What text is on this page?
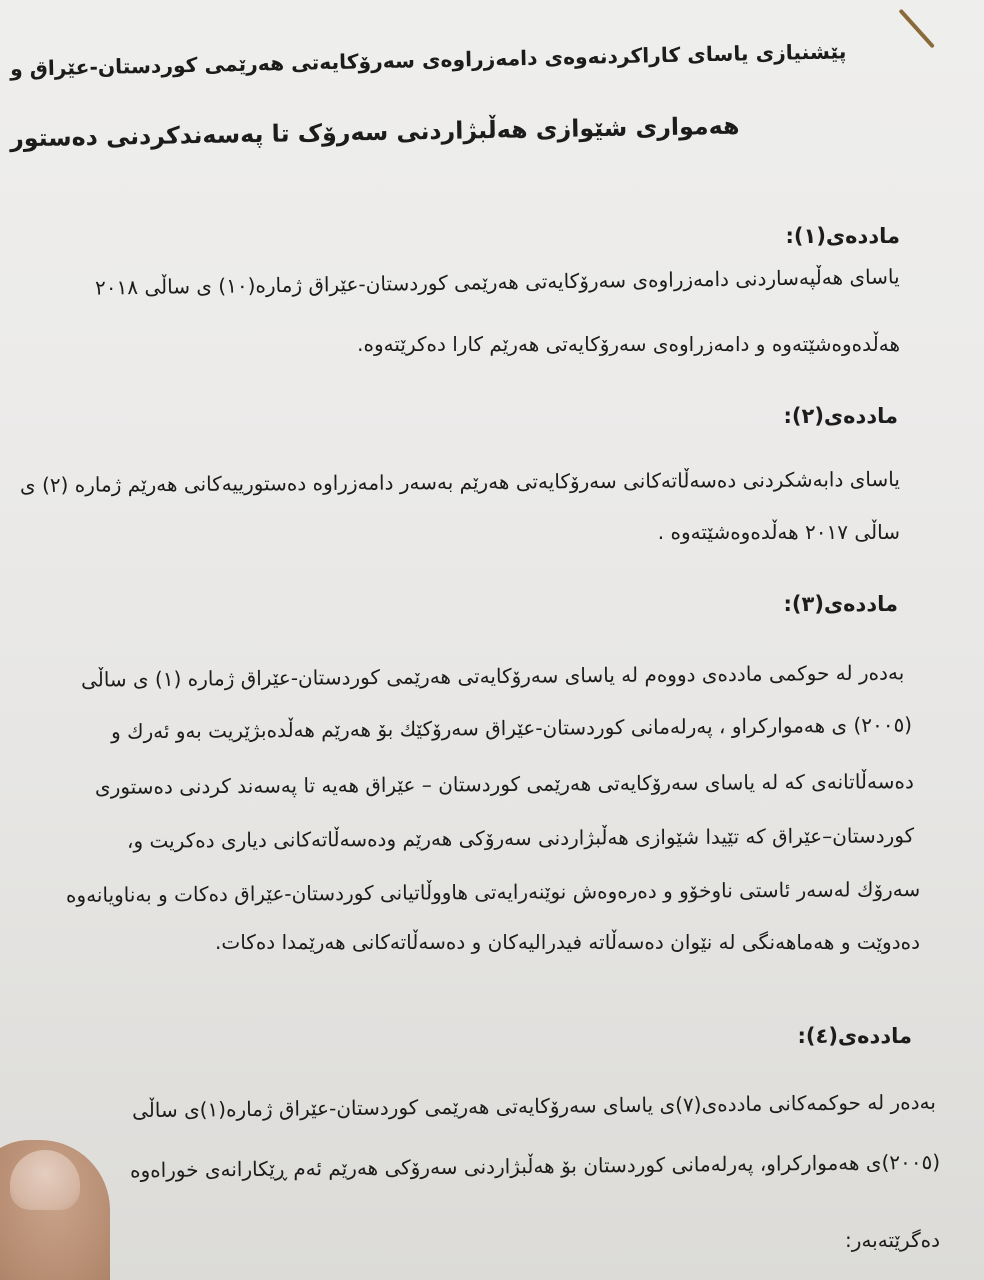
پێشنیازی یاسای کاراکردنەوەی دامەزراوەی سەرۆکایەتی هەرێمی کوردستان-عێراق و
هەمواری شێوازی هەڵبژاردنی سەرۆک تا پەسەندکردنی دەستور
ماددەی(١):
یاسای هەڵپەساردنی دامەزراوەی سەرۆکایەتی هەرێمی کوردستان-عێراق ژمارە(١٠) ی ساڵی ٢٠١٨
هەڵدەوەشێتەوە و دامەزراوەی سەرۆکایەتی هەرێم کارا دەکرێتەوە.
ماددەی(٢):
یاسای دابەشکردنی دەسەڵاتەکانی سەرۆکایەتی هەرێم بەسەر دامەزراوە دەستورییەکانی هەرێم ژمارە (٢) ی
ساڵی ٢٠١٧ هەڵدەوەشێتەوە .
ماددەی(٣):
بەدەر لە حوکمی ماددەی دووەم لە یاسای سەرۆکایەتی هەرێمی کوردستان-عێراق ژمارە (١) ی ساڵی
(٢٠٠٥) ی هەموارکراو ، پەرلەمانی کوردستان-عێراق سەرۆکێك بۆ هەرێم هەڵدەبژێریت بەو ئەرك و
دەسەڵاتانەی کە لە یاسای سەرۆکایەتی هەرێمی کوردستان – عێراق هەیە تا پەسەند کردنی دەستوری
کوردستان–عێراق کە تێیدا شێوازی هەڵبژاردنی سەرۆکی هەرێم ودەسەڵاتەکانی دیاری دەکریت و،
سەرۆك لەسەر ئاستی ناوخۆو و دەرەوەش نوێنەرایەتی هاووڵاتیانی کوردستان-عێراق دەکات و بەناویانەوە
دەدوێت و هەماهەنگی لە نێوان دەسەڵاتە فیدرالیەکان و دەسەڵاتەکانی هەرێمدا دەکات.
ماددەی(٤):
بەدەر لە حوکمەکانی ماددەی(٧)ی یاسای سەرۆکایەتی هەرێمی کوردستان-عێراق ژمارە(١)ی ساڵی
(٢٠٠٥)ی هەموارکراو، پەرلەمانی کوردستان بۆ هەڵبژاردنی سەرۆکی هەرێم ئەم ڕێکارانەی خوراەوە
دەگرێتەبەر:
